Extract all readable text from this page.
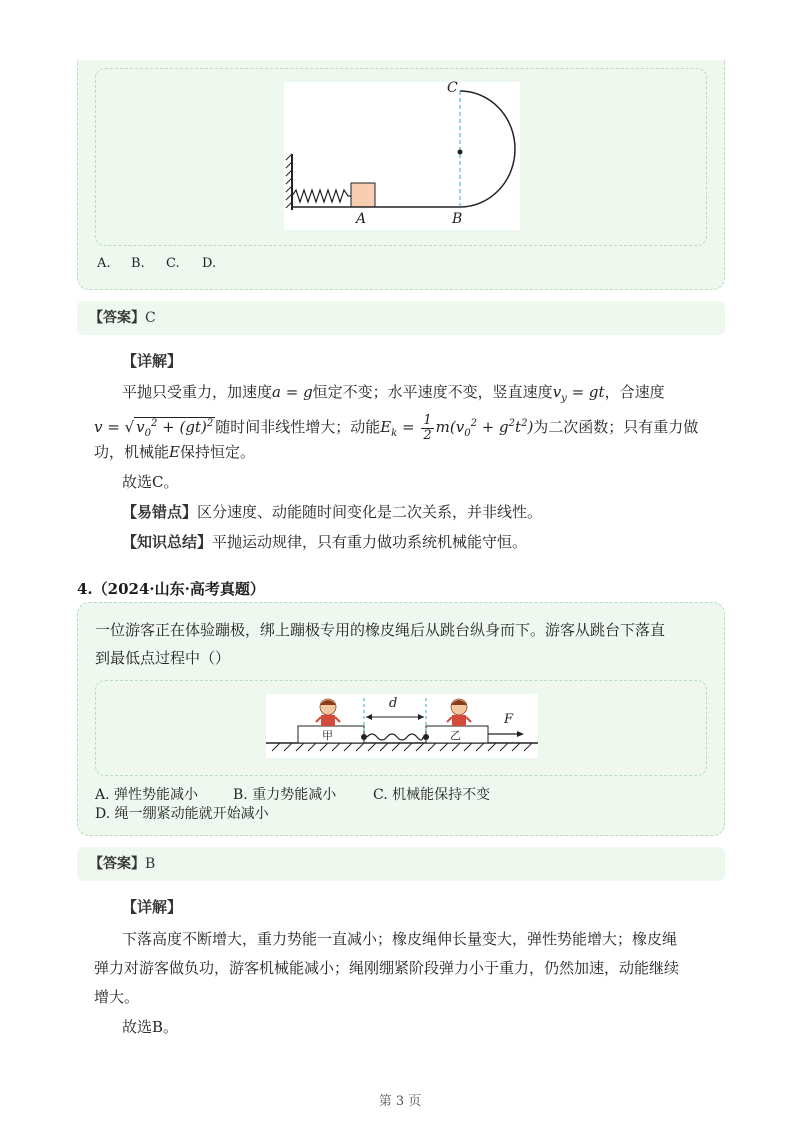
A	B
C
A. B. C. D.
【答案】C
【详解】
平抛只受重力，加速度a = g恒定不变；水平速度不变，竖直速度$v_y$ = gt，合速度
v = √ $v_0^2 + (gt)^2$ 随时间非线性增大；动能$E_k = \frac{1}{2} m(v_0^2 + g^2t^2)$为二次函数；只有重力做
功，机械能E保持恒定。
故选C。
【易错点】区分速度、动能随时间变化是二次关系，并非线性。
【知识总结】平抛运动规律，只有重力做功系统机械能守恒。
4.（2024·山东·高考真题）
一位游客正在体验蹦极，绑上蹦极专用的橡皮绳后从跳台纵身而下。游客从跳台下落直
到最低点过程中（）
d
F
甲	乙
A. 弹性势能减小 B. 重力势能减小	C. 机械能保持不变
D. 绳一绷紧动能就开始减小
【答案】B
【详解】
下落高度不断增大，重力势能一直减小；橡皮绳伸长量变大，弹性势能增大；橡皮绳
弹力对游客做负功，游客机械能减小；绳刚绷紧阶段弹力小于重力，仍然加速，动能继续
增大。
故选B。
第 3 页
